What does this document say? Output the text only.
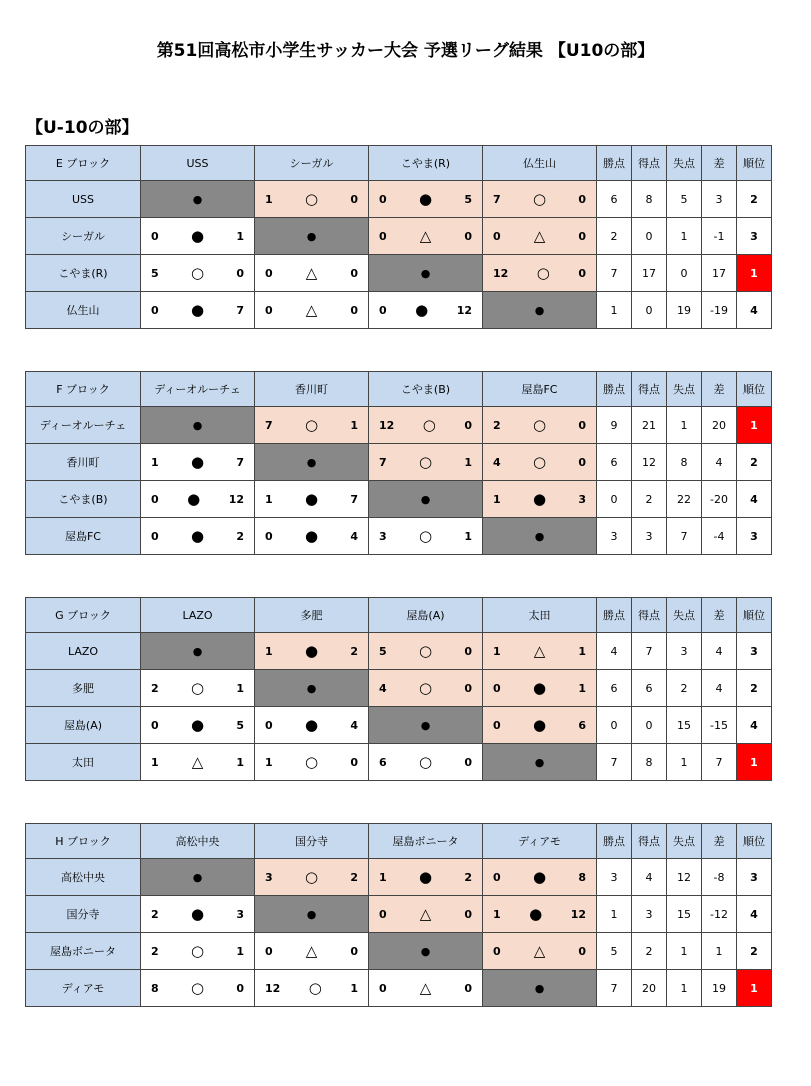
第51回高松市小学生サッカー大会 予選リーグ結果 【U10の部】
【U-10の部】
E ブロック	USS	シーガル	こやま(R)	仏生山	勝点	得点	失点	差	順位
USS	●	1 ○ 0	0 ● 5	7 ○ 0	6	8	5	3	2
シーガル	0 ● 1	●	0 △ 0	0 △ 0	2	0	1	-1	3
こやま(R)	5 ○ 0	0 △ 0	●	12 ○ 0	7	17	0	17	1
仏生山	0 ● 7	0 △ 0	0 ● 12	●	1	0	19	-19	4
F ブロック	ディーオルーチェ	香川町	こやま(B)	屋島FC	勝点	得点	失点	差	順位
ディーオルーチェ	●	7 ○ 1	12 ○ 0	2 ○ 0	9	21	1	20	1
香川町	1 ● 7	●	7 ○ 1	4 ○ 0	6	12	8	4	2
こやま(B)	0 ● 12	1 ● 7	●	1 ● 3	0	2	22	-20	4
屋島FC	0 ● 2	0 ● 4	3 ○ 1	●	3	3	7	-4	3
G ブロック	LAZO	多肥	屋島(A)	太田	勝点	得点	失点	差	順位
LAZO	●	1 ● 2	5 ○ 0	1 △ 1	4	7	3	4	3
多肥	2 ○ 1	●	4 ○ 0	0 ● 1	6	6	2	4	2
屋島(A)	0 ● 5	0 ● 4	●	0 ● 6	0	0	15	-15	4
太田	1 △ 1	1 ○ 0	6 ○ 0	●	7	8	1	7	1
H ブロック	高松中央	国分寺	屋島ボニータ	ディアモ	勝点	得点	失点	差	順位
高松中央	●	3 ○ 2	1 ● 2	0 ● 8	3	4	12	-8	3
国分寺	2 ● 3	●	0 △ 0	1 ● 12	1	3	15	-12	4
屋島ボニータ	2 ○ 1	0 △ 0	●	0 △ 0	5	2	1	1	2
ディアモ	8 ○ 0	12 ○ 1	0 △ 0	●	7	20	1	19	1
